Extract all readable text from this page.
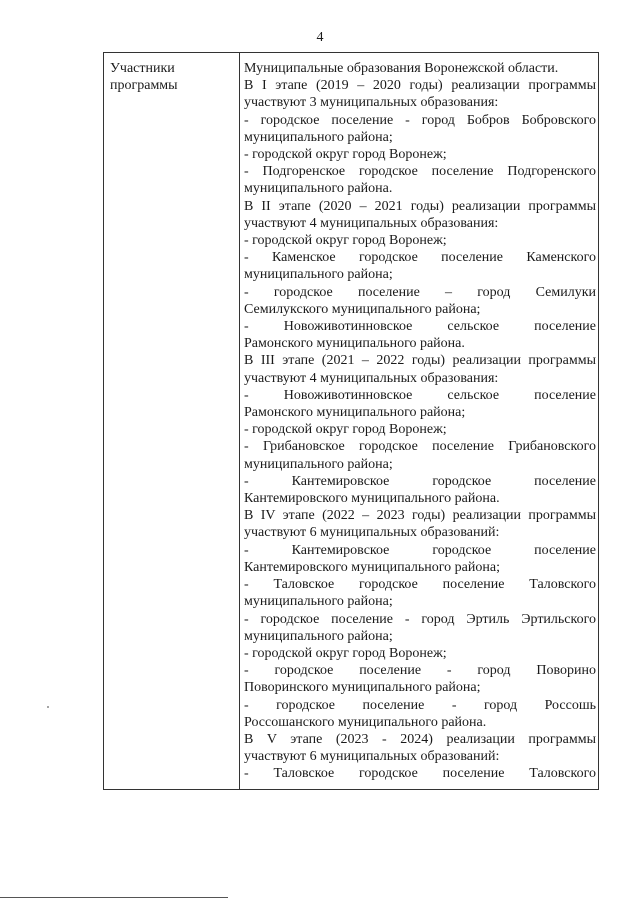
4
Участники
программы
Муниципальные образования Воронежской области.
В I этапе (2019 – 2020 годы) реализации программы
участвуют 3 муниципальных образования:
- городское поселение - город Бобров Бобровского
муниципального района;
- городской округ город Воронеж;
- Подгоренское городское поселение Подгоренского
муниципального района.
В II этапе (2020 – 2021 годы) реализации программы
участвуют 4 муниципальных образования:
- городской округ город Воронеж;
- Каменское городское поселение Каменского
муниципального района;
- городское поселение – город Семилуки
Семилукского муниципального района;
- Новоживотинновское сельское поселение
Рамонского муниципального района.
В III этапе (2021 – 2022 годы) реализации программы
участвуют 4 муниципальных образования:
- Новоживотинновское сельское поселение
Рамонского муниципального района;
- городской округ город Воронеж;
- Грибановское городское поселение Грибановского
муниципального района;
- Кантемировское городское поселение
Кантемировского муниципального района.
В IV этапе (2022 – 2023 годы) реализации программы
участвуют 6 муниципальных образований:
- Кантемировское городское поселение
Кантемировского муниципального района;
- Таловское городское поселение Таловского
муниципального района;
- городское поселение - город Эртиль Эртильского
муниципального района;
- городской округ город Воронеж;
- городское поселение - город Поворино
Поворинского муниципального района;
- городское поселение - город Россошь
Россошанского муниципального района.
В V этапе (2023 - 2024) реализации программы
участвуют 6 муниципальных образований:
- Таловское городское поселение Таловского
